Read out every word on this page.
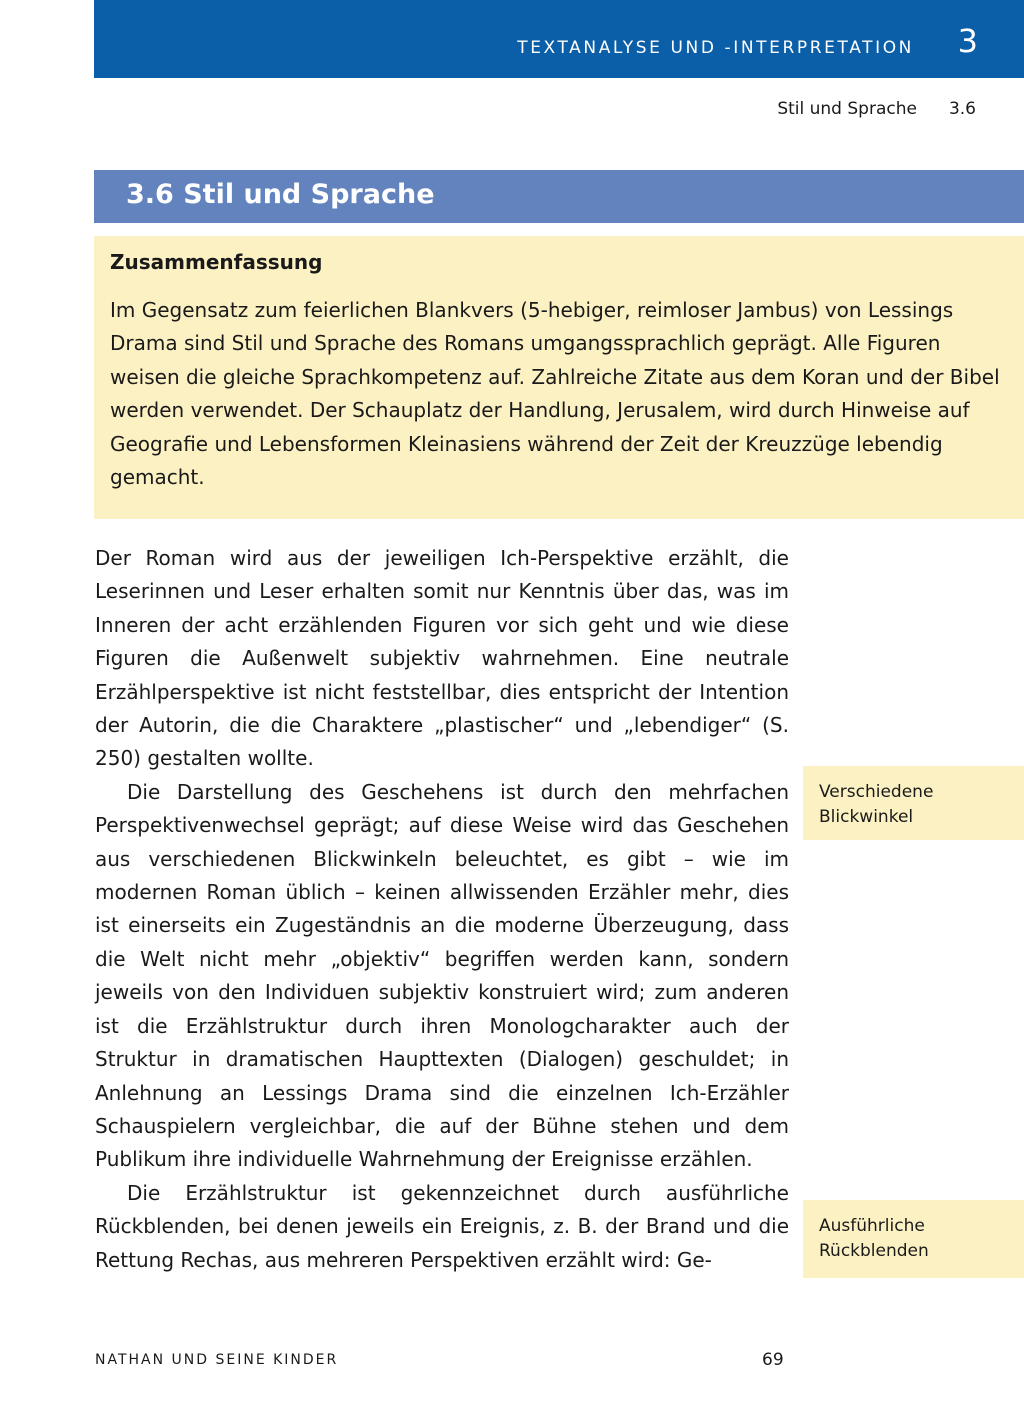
TEXTANALYSE UND -INTERPRETATION 3
Stil und Sprache 3.6
3.6 Stil und Sprache
Zusammenfassung

Im Gegensatz zum feierlichen Blankvers (5-hebiger, reimloser Jambus) von Lessings Drama sind Stil und Sprache des Romans umgangssprachlich geprägt. Alle Figuren weisen die gleiche Sprachkompetenz auf. Zahlreiche Zitate aus dem Koran und der Bibel werden verwendet. Der Schauplatz der Handlung, Jerusalem, wird durch Hinweise auf Geografie und Lebensformen Kleinasiens während der Zeit der Kreuzzüge lebendig gemacht.

Der Roman wird aus der jeweiligen Ich-Perspektive erzählt, die Leserinnen und Leser erhalten somit nur Kenntnis über das, was im Inneren der acht erzählenden Figuren vor sich geht und wie diese Figuren die Außenwelt subjektiv wahrnehmen. Eine neutrale Erzählperspektive ist nicht feststellbar, dies entspricht der Intention der Autorin, die die Charaktere „plastischer“ und „lebendiger“ (S. 250) gestalten wollte.

Die Darstellung des Geschehens ist durch den mehrfachen Perspektivenwechsel geprägt; auf diese Weise wird das Geschehen aus verschiedenen Blickwinkeln beleuchtet, es gibt – wie im modernen Roman üblich – keinen allwissenden Erzähler mehr, dies ist einerseits ein Zugeständnis an die moderne Überzeugung, dass die Welt nicht mehr „objektiv“ begriffen werden kann, sondern jeweils von den Individuen subjektiv konstruiert wird; zum anderen ist die Erzählstruktur durch ihren Monologcharakter auch der Struktur in dramatischen Haupttexten (Dialogen) geschuldet; in Anlehnung an Lessings Drama sind die einzelnen Ich-Erzähler Schauspielern vergleichbar, die auf der Bühne stehen und dem Publikum ihre individuelle Wahrnehmung der Ereignisse erzählen.

Die Erzählstruktur ist gekennzeichnet durch ausführliche Rückblenden, bei denen jeweils ein Ereignis, z. B. der Brand und die Rettung Rechas, aus mehreren Perspektiven erzählt wird: Ge-

Verschiedene
Blickwinkel
Ausführliche
Rückblenden
NATHAN UND SEINE KINDER	69
